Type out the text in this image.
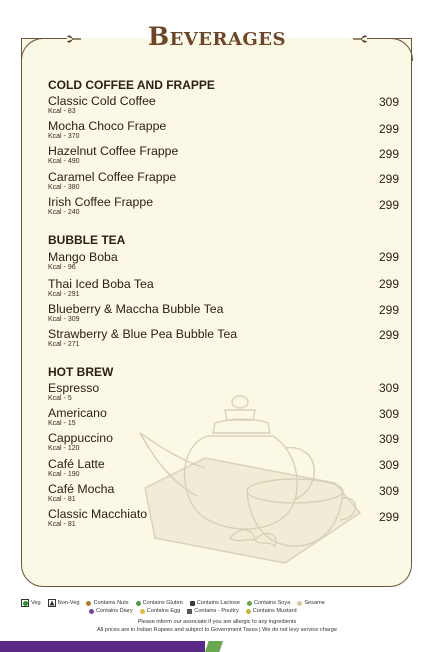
Beverages
COLD COFFEE AND FRAPPE
Classic Cold Coffee
Kcal - 83
309
Mocha Choco Frappe
Kcal - 370
299
Hazelnut Coffee Frappe
Kcal - 490
299
Caramel Coffee Frappe
Kcal - 380
299
Irish Coffee Frappe
Kcal - 240
299
BUBBLE TEA
Mango Boba
Kcal - 96
299
Thai Iced Boba Tea
Kcal - 291
299
Blueberry & Maccha Bubble Tea
Kcal - 309
299
Strawberry & Blue Pea Bubble Tea
Kcal - 271
299
HOT BREW
Espresso
Kcal - 5
309
Americano
Kcal - 15
309
Cappuccino
Kcal - 120
309
Café Latte
Kcal - 190
309
Café Mocha
Kcal - 81
309
Classic Macchiato
Kcal - 81
299
Veg	Non-Veg	Contains Nuts	Contains Gluten	Contains Lactose	Contains Soya	Sesame
Contains Diary	Contains Egg	Contains - Poultry	Contains Mustard
Please inform our associate if you are allergic to any ingredients
All prices are in Indian Rupees and subject to Government Taxes | We do not levy service charge
